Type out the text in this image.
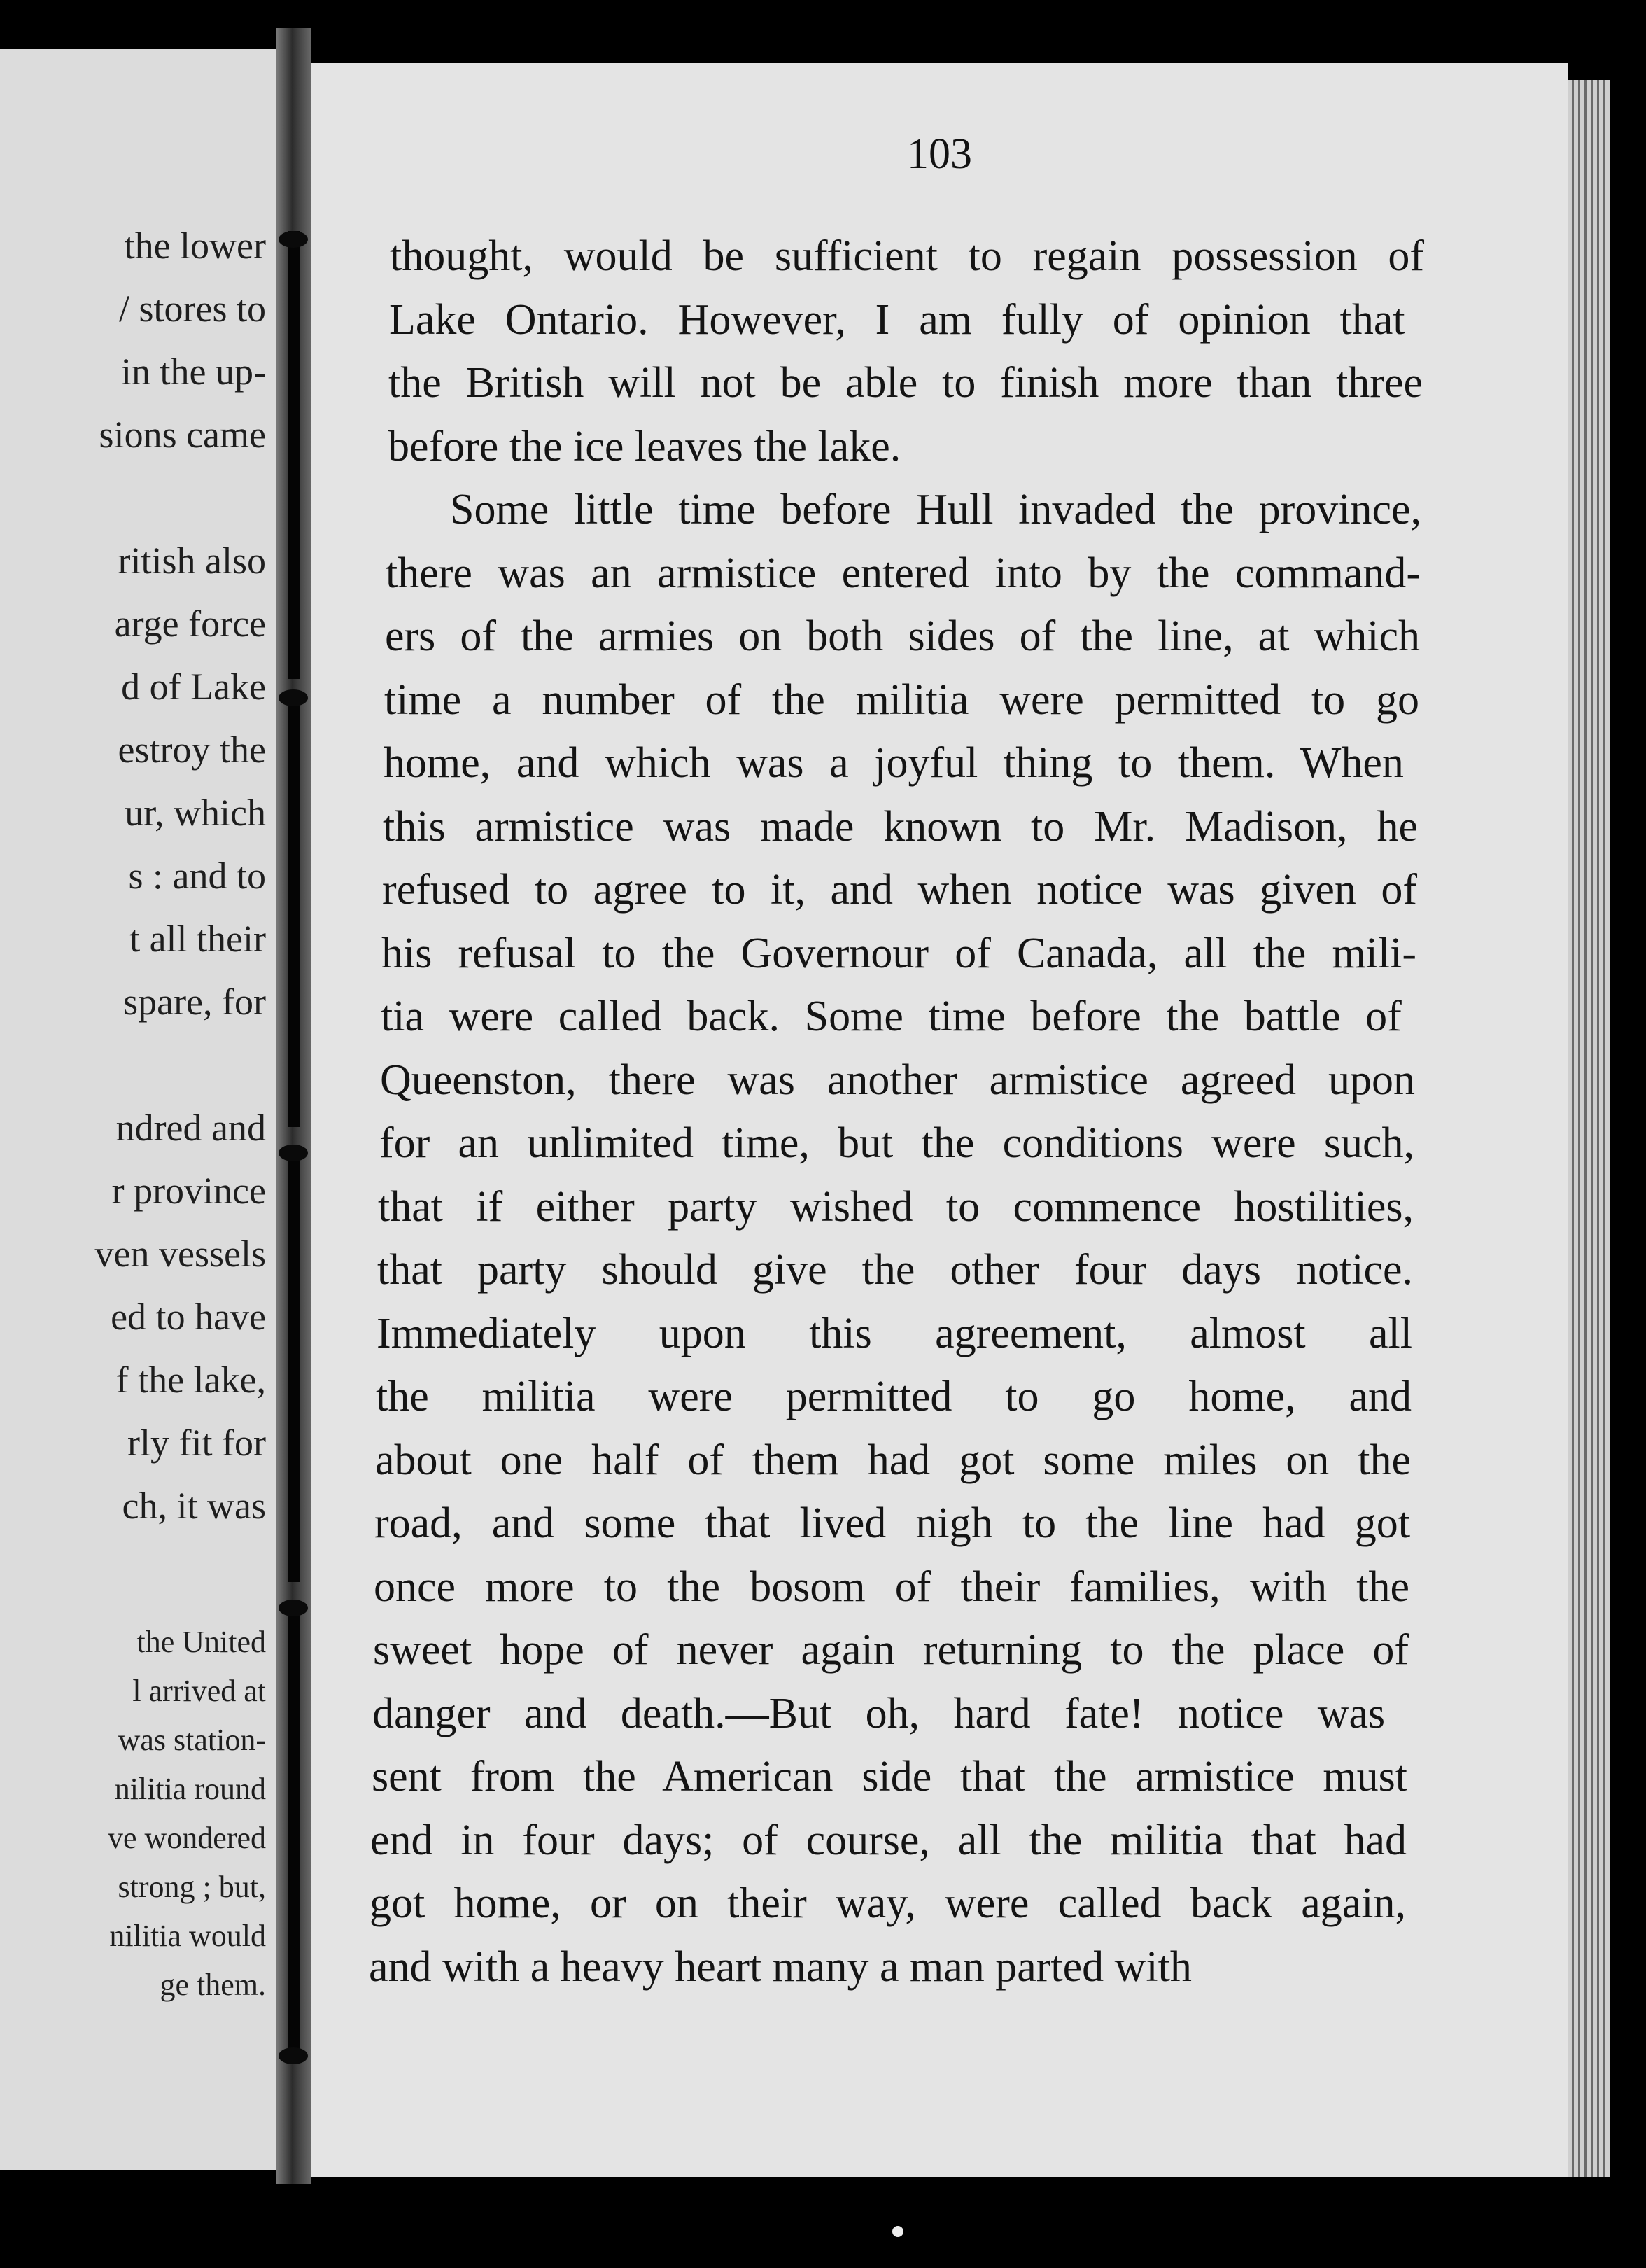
the lower
/ stores to
in the up-
sions came
ritish also
arge force
d of Lake
estroy the
ur, which
s : and to
t all their
spare, for
ndred and
r province
ven vessels
ed to have
f the lake,
rly fit for
ch, it was
the United
l arrived at
was station-
nilitia round
ve wondered
strong ; but,
nilitia would
ge them.
103
thought, would be sufficient to regain possession of
Lake Ontario. However, I am fully of opinion that
the British will not be able to finish more than three
before the ice leaves the lake.
Some little time before Hull invaded the province,
there was an armistice entered into by the command-
ers of the armies on both sides of the line, at which
time a number of the militia were permitted to go
home, and which was a joyful thing to them. When
this armistice was made known to Mr. Madison, he
refused to agree to it, and when notice was given of
his refusal to the Governour of Canada, all the mili-
tia were called back. Some time before the battle of
Queenston, there was another armistice agreed upon
for an unlimited time, but the conditions were such,
that if either party wished to commence hostilities,
that party should give the other four days notice.
Immediately upon this agreement, almost all
the militia were permitted to go home, and
about one half of them had got some miles on the
road, and some that lived nigh to the line had got
once more to the bosom of their families, with the
sweet hope of never again returning to the place of
danger and death.—But oh, hard fate! notice was
sent from the American side that the armistice must
end in four days; of course, all the militia that had
got home, or on their way, were called back again,
and with a heavy heart many a man parted with
